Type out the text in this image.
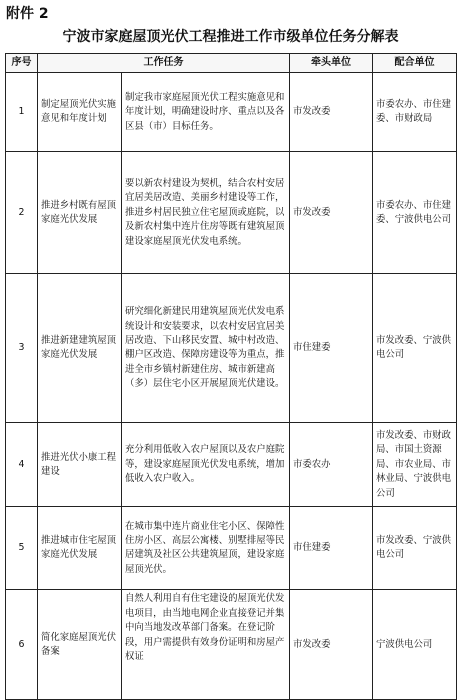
附件 2
宁波市家庭屋顶光伏工程推进工作市级单位任务分解表
序号	工作任务		牵头单位	配合单位
1	制定屋顶光伏实施意见和年度计划	制定我市家庭屋顶光伏工程实施意见和年度计划，明确建设时序、重点以及各区县（市）目标任务。	市发改委	市委农办、市住建委、市财政局
2	推进乡村既有屋顶家庭光伏发展	要以新农村建设为契机，结合农村安居宜居美居改造、美丽乡村建设等工作，推进乡村居民独立住宅屋顶或庭院，以及新农村集中连片住房等既有建筑屋顶建设家庭屋顶光伏发电系统。	市发改委	市委农办、市住建委、宁波供电公司
3	推进新建建筑屋顶家庭光伏发展	研究细化新建民用建筑屋顶光伏发电系统设计和安装要求，以农村安居宜居美居改造、下山移民安置、城中村改造、棚户区改造、保障房建设等为重点，推进全市乡镇村新建住房、城市新建高（多）层住宅小区开展屋顶光伏建设。	市住建委	市发改委、宁波供电公司
4	推进光伏小康工程建设	充分利用低收入农户屋顶以及农户庭院等，建设家庭屋顶光伏发电系统，增加低收入农户收入。	市委农办	市发改委、市财政局、市国土资源局、市农业局、市林业局、宁波供电公司
5	推进城市住宅屋顶家庭光伏发展	在城市集中连片商业住宅小区、保障性住房小区、高层公寓楼、别墅排屋等民居建筑及社区公共建筑屋顶，建设家庭屋顶光伏。	市住建委	市发改委、宁波供电公司
6	简化家庭屋顶光伏备案	自然人利用自有住宅建设的屋顶光伏发电项目，由当地电网企业直接登记并集中向当地发改革部门备案。在登记阶段，用户需提供有效身份证明和房屋产权证	市发改委	宁波供电公司
